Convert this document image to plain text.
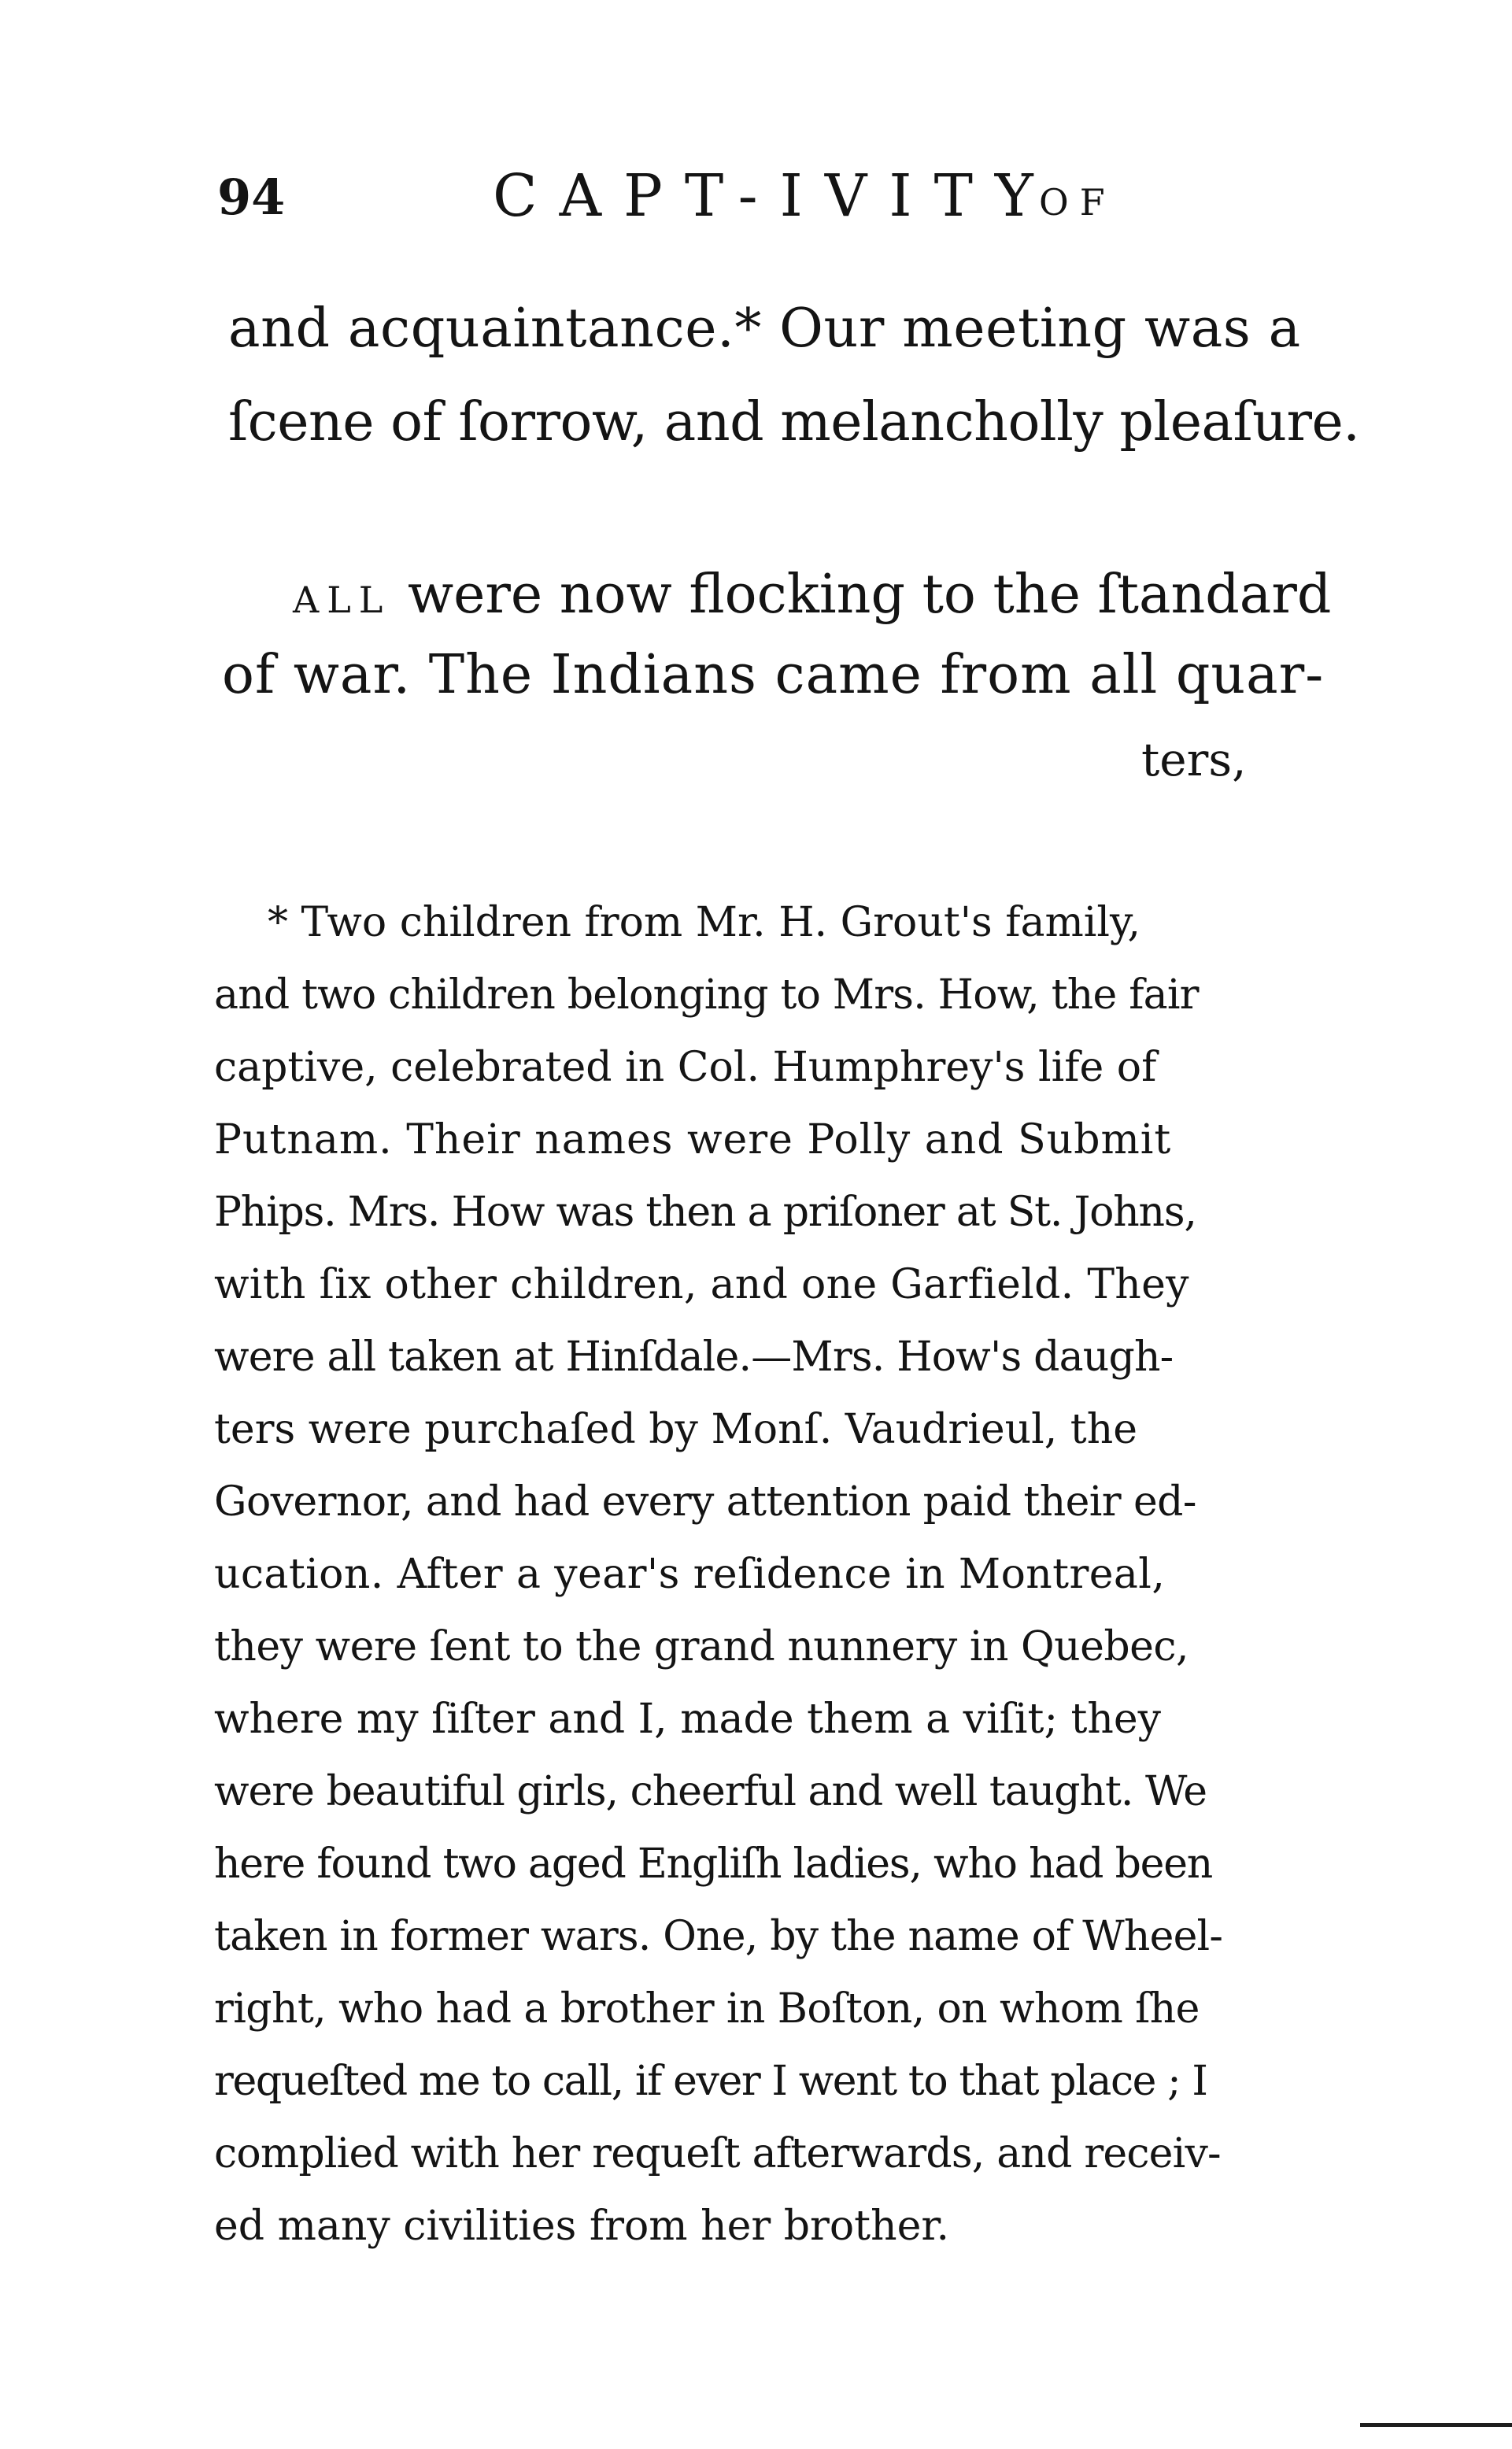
94	CAPT-IVITY
OF
and acquaintance.* Our meeting was a
ſcene of ſorrow, and melancholly pleaſure.
ALL were now flocking to the ſtandard
of war. The Indians came from all quar-
ters,
* Two children from Mr. H. Grout's family,
and two children belonging to Mrs. How, the fair
captive, celebrated in Col. Humphrey's life of
Putnam. Their names were Polly and Submit
Phips. Mrs. How was then a priſoner at St. Johns,
with ſix other children, and one Garfield. They
were all taken at Hinſdale.—Mrs. How's daugh-
ters were purchaſed by Monſ. Vaudrieul, the
Governor, and had every attention paid their ed-
ucation. After a year's reſidence in Montreal,
they were ſent to the grand nunnery in Quebec,
where my ſiſter and I, made them a viſit; they
were beautiful girls, cheerful and well taught. We
here found two aged Engliſh ladies, who had been
taken in former wars. One, by the name of Wheel-
right, who had a brother in Boſton, on whom ſhe
requeſted me to call, if ever I went to that place ; I
complied with her requeſt afterwards, and receiv-
ed many civilities from her brother.
